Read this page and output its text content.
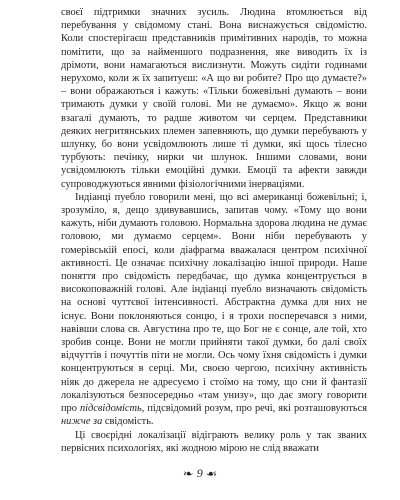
своєї підтримки значних зусиль. Людина втомлюється від перебування у свідомому стані. Вона виснажується свідомістю. Коли спостерігаєш представників примітивних народів, то можна помітити, що за найменшого подразнення, яке виводить їх із дрімоти, вони намагаються вислизнути. Можуть сидіти годинами нерухомо, коли ж їх запитуєш: «А що ви робите? Про що думаєте?» – вони ображаються і кажуть: «Тільки божевільні думають – вони тримають думки у своїй голові. Ми не думаємо». Якщо ж вони взагалі думають, то радше животом чи серцем. Представники деяких негритянських племен запевняють, що думки перебувають у шлунку, бо вони усвідомлюють лише ті думки, які щось тілесно турбують: печінку, нирки чи шлунок. Іншими словами, вони усвідомлюють тільки емоційні думки. Емоції та афекти завжди супроводжуються явними фізіологічними інерваціями.

Індіанці пуебло говорили мені, що всі американці божевільні; і, зрозуміло, я, дещо здивувавшись, запитав чому. «Тому що вони кажуть, ніби думають головою. Нормальна здорова людина не думає головою, ми думаємо серцем». Вони ніби перебувають у гомерівській епосі, коли діафрагма вважалася центром психічної активності. Це означає психічну локалізацію іншої природи. Наше поняття про свідомість передбачає, що думка концентрується в високоповажній голові. Але індіанці пуебло визначають свідомість на основі чуттєвої інтенсивності. Абстрактна думка для них не існує. Вони поклоняються сонцю, і я трохи посперечався з ними, навівши слова св. Августина про те, що Бог не є сонце, але той, хто зробив сонце. Вони не могли прийняти такої думки, бо далі своїх відчуттів і почуттів піти не могли. Ось чому їхня свідомість і думки концентруються в серці. Ми, своєю чергою, психічну активність ніяк до джерела не адресуємо і стоїмо на тому, що сни й фантазії локалізуються безпосередньо «там унизу», що дає змогу говорити про підсвідомість, підсвідомий розум, про речі, які розташовуються нижче за свідомість.

Ці своєрідні локалізації відіграють велику роль у так званих первісних психологіях, які жодною мірою не слід вважати

❧ 9 ☙
